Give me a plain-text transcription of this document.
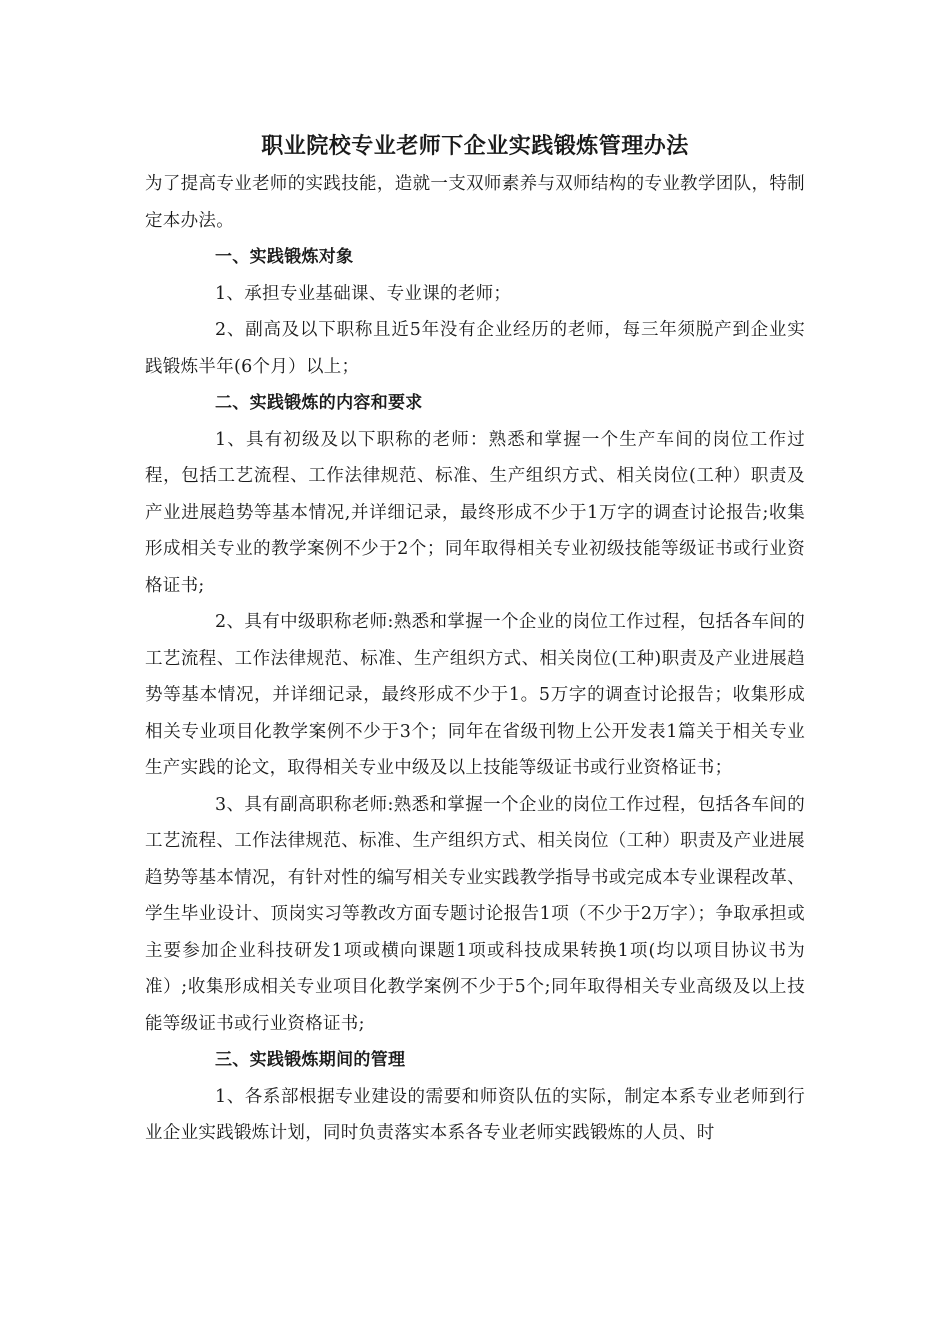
职业院校专业老师下企业实践锻炼管理办法

为了提高专业老师的实践技能，造就一支双师素养与双师结构的专业教学团队，特制定本办法。

一、实践锻炼对象

1、承担专业基础课、专业课的老师；

2、副高及以下职称且近5年没有企业经历的老师，每三年须脱产到企业实践锻炼半年(6个月）以上；

二、实践锻炼的内容和要求

1、具有初级及以下职称的老师：熟悉和掌握一个生产车间的岗位工作过程，包括工艺流程、工作法律规范、标准、生产组织方式、相关岗位(工种）职责及产业进展趋势等基本情况,并详细记录，最终形成不少于1万字的调查讨论报告;收集形成相关专业的教学案例不少于2个；同年取得相关专业初级技能等级证书或行业资格证书;

2、具有中级职称老师:熟悉和掌握一个企业的岗位工作过程，包括各车间的工艺流程、工作法律规范、标准、生产组织方式、相关岗位(工种)职责及产业进展趋势等基本情况，并详细记录，最终形成不少于1。5万字的调查讨论报告；收集形成相关专业项目化教学案例不少于3个；同年在省级刊物上公开发表1篇关于相关专业生产实践的论文，取得相关专业中级及以上技能等级证书或行业资格证书；

3、具有副高职称老师:熟悉和掌握一个企业的岗位工作过程，包括各车间的工艺流程、工作法律规范、标准、生产组织方式、相关岗位（工种）职责及产业进展趋势等基本情况，有针对性的编写相关专业实践教学指导书或完成本专业课程改革、学生毕业设计、顶岗实习等教改方面专题讨论报告1项（不少于2万字）；争取承担或主要参加企业科技研发1项或横向课题1项或科技成果转换1项(均以项目协议书为准）;收集形成相关专业项目化教学案例不少于5个;同年取得相关专业高级及以上技能等级证书或行业资格证书;

三、实践锻炼期间的管理

1、各系部根据专业建设的需要和师资队伍的实际，制定本系专业老师到行业企业实践锻炼计划，同时负责落实本系各专业老师实践锻炼的人员、时
